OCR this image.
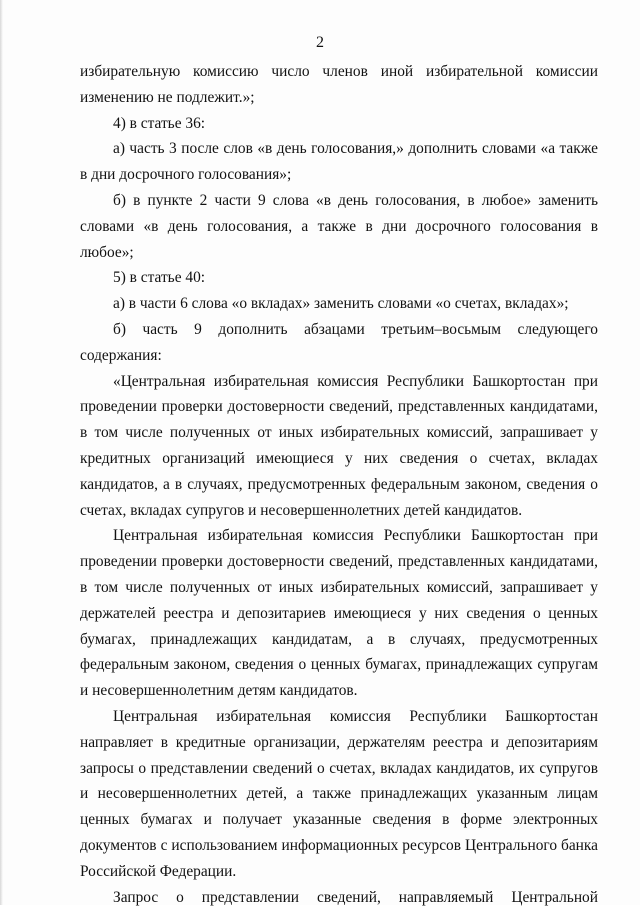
2

избирательную комиссию число членов иной избирательной комиссии изменению не подлежит.»;

4) в статье 36:

а) часть 3 после слов «в день голосования,» дополнить словами «а также в дни досрочного голосования»;

б) в пункте 2 части 9 слова «в день голосования, в любое» заменить словами «в день голосования, а также в дни досрочного голосования в любое»;

5) в статье 40:

а) в части 6 слова «о вкладах» заменить словами «о счетах, вкладах»;

б) часть 9 дополнить абзацами третьим–восьмым следующего содержания:

«Центральная избирательная комиссия Республики Башкортостан при проведении проверки достоверности сведений, представленных кандидатами, в том числе полученных от иных избирательных комиссий, запрашивает у кредитных организаций имеющиеся у них сведения о счетах, вкладах кандидатов, а в случаях, предусмотренных федеральным законом, сведения о счетах, вкладах супругов и несовершеннолетних детей кандидатов.

Центральная избирательная комиссия Республики Башкортостан при проведении проверки достоверности сведений, представленных кандидатами, в том числе полученных от иных избирательных комиссий, запрашивает у держателей реестра и депозитариев имеющиеся у них сведения о ценных бумагах, принадлежащих кандидатам, а в случаях, предусмотренных федеральным законом, сведения о ценных бумагах, принадлежащих супругам и несовершеннолетним детям кандидатов.

Центральная избирательная комиссия Республики Башкортостан направляет в кредитные организации, держателям реестра и депозитариям запросы о представлении сведений о счетах, вкладах кандидатов, их супругов и несовершеннолетних детей, а также принадлежащих указанным лицам ценных бумагах и получает указанные сведения в форме электронных документов с использованием информационных ресурсов Центрального банка Российской Федерации.

Запрос о представлении сведений, направляемый Центральной
